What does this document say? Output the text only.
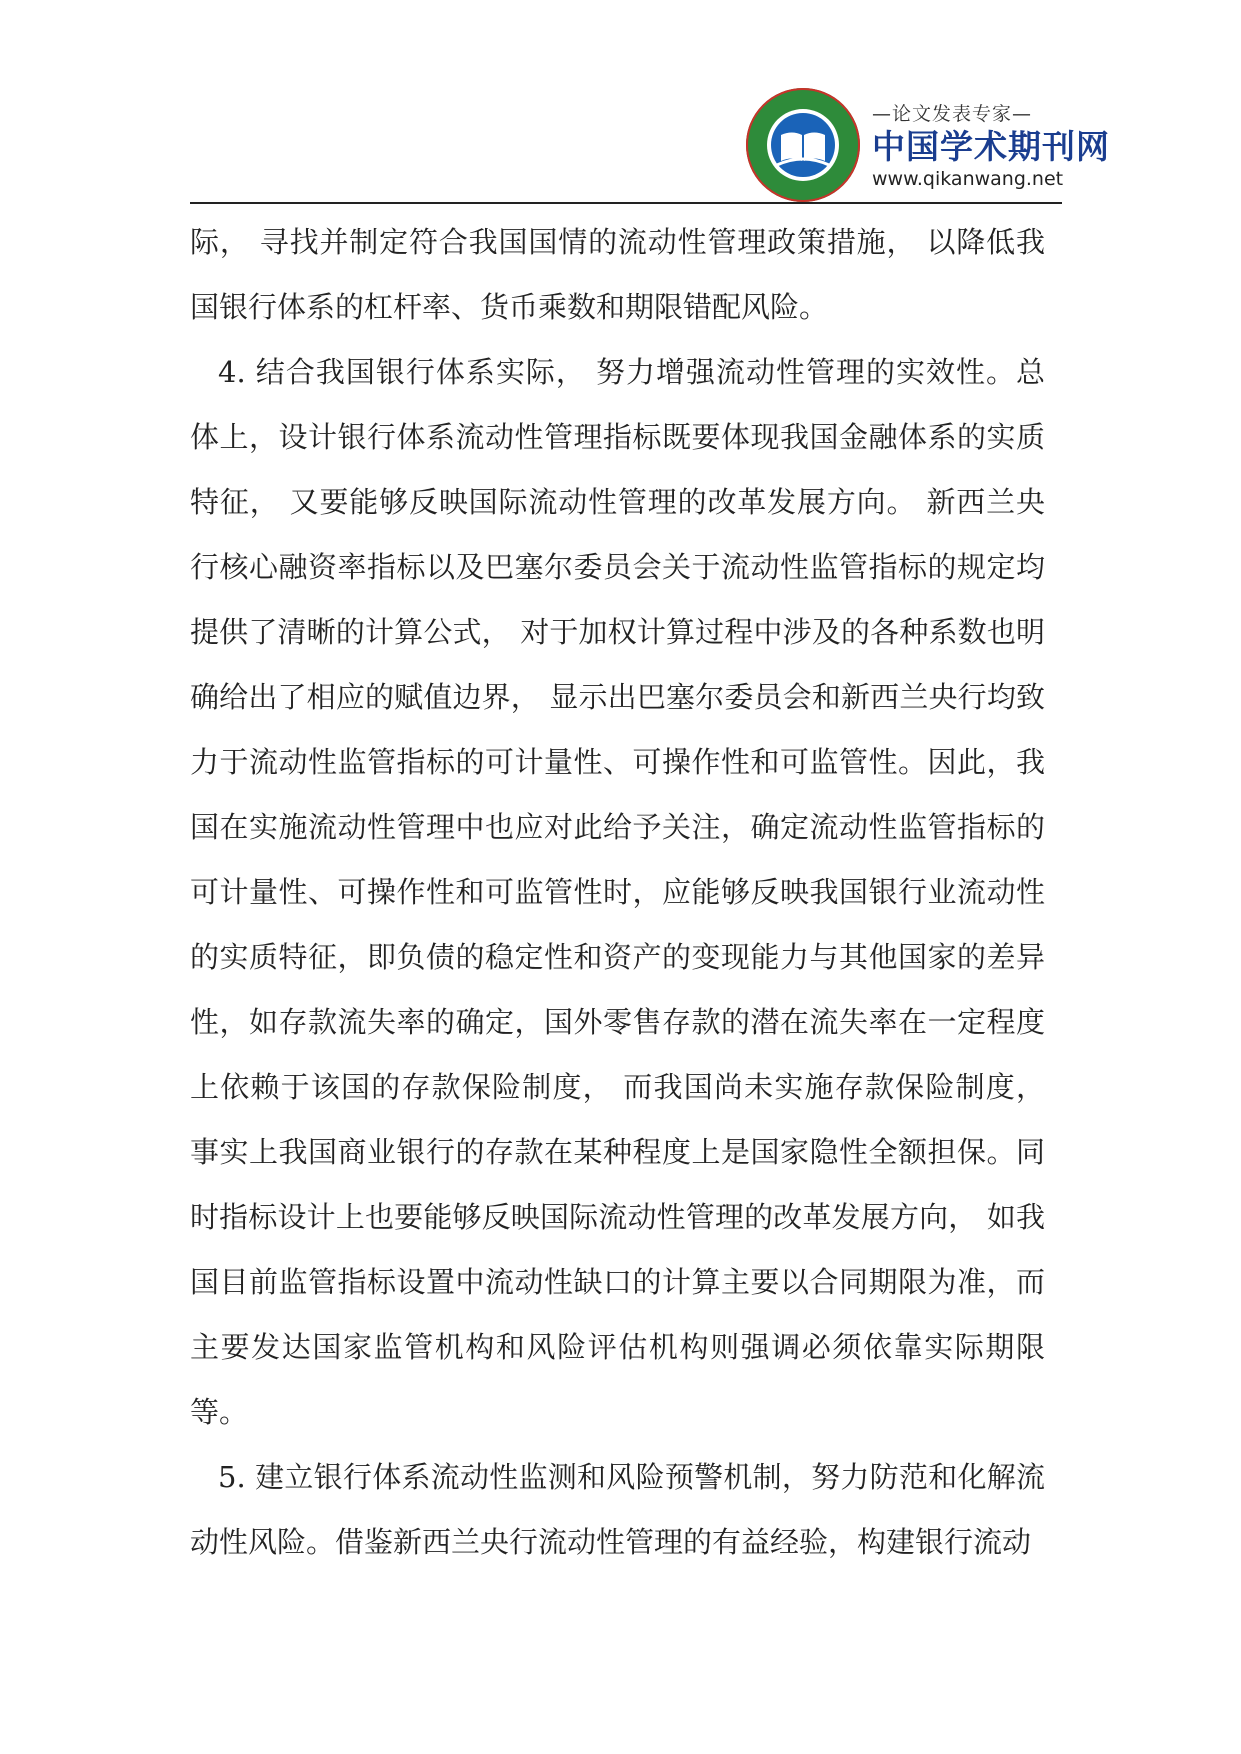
—论文发表专家—
中国学术期刊网
www.qikanwang.net

际， 寻找并制定符合我国国情的流动性管理政策措施， 以降低我国银行体系的杠杆率、货币乘数和期限错配风险。

4. 结合我国银行体系实际， 努力增强流动性管理的实效性。总体上，设计银行体系流动性管理指标既要体现我国金融体系的实质特征， 又要能够反映国际流动性管理的改革发展方向。 新西兰央行核心融资率指标以及巴塞尔委员会关于流动性监管指标的规定均提供了清晰的计算公式， 对于加权计算过程中涉及的各种系数也明确给出了相应的赋值边界， 显示出巴塞尔委员会和新西兰央行均致力于流动性监管指标的可计量性、可操作性和可监管性。因此，我国在实施流动性管理中也应对此给予关注，确定流动性监管指标的可计量性、可操作性和可监管性时，应能够反映我国银行业流动性的实质特征，即负债的稳定性和资产的变现能力与其他国家的差异性，如存款流失率的确定，国外零售存款的潜在流失率在一定程度上依赖于该国的存款保险制度， 而我国尚未实施存款保险制度， 事实上我国商业银行的存款在某种程度上是国家隐性全额担保。同时指标设计上也要能够反映国际流动性管理的改革发展方向， 如我国目前监管指标设置中流动性缺口的计算主要以合同期限为准，而主要发达国家监管机构和风险评估机构则强调必须依靠实际期限等。

5. 建立银行体系流动性监测和风险预警机制，努力防范和化解流动性风险。借鉴新西兰央行流动性管理的有益经验，构建银行流动
